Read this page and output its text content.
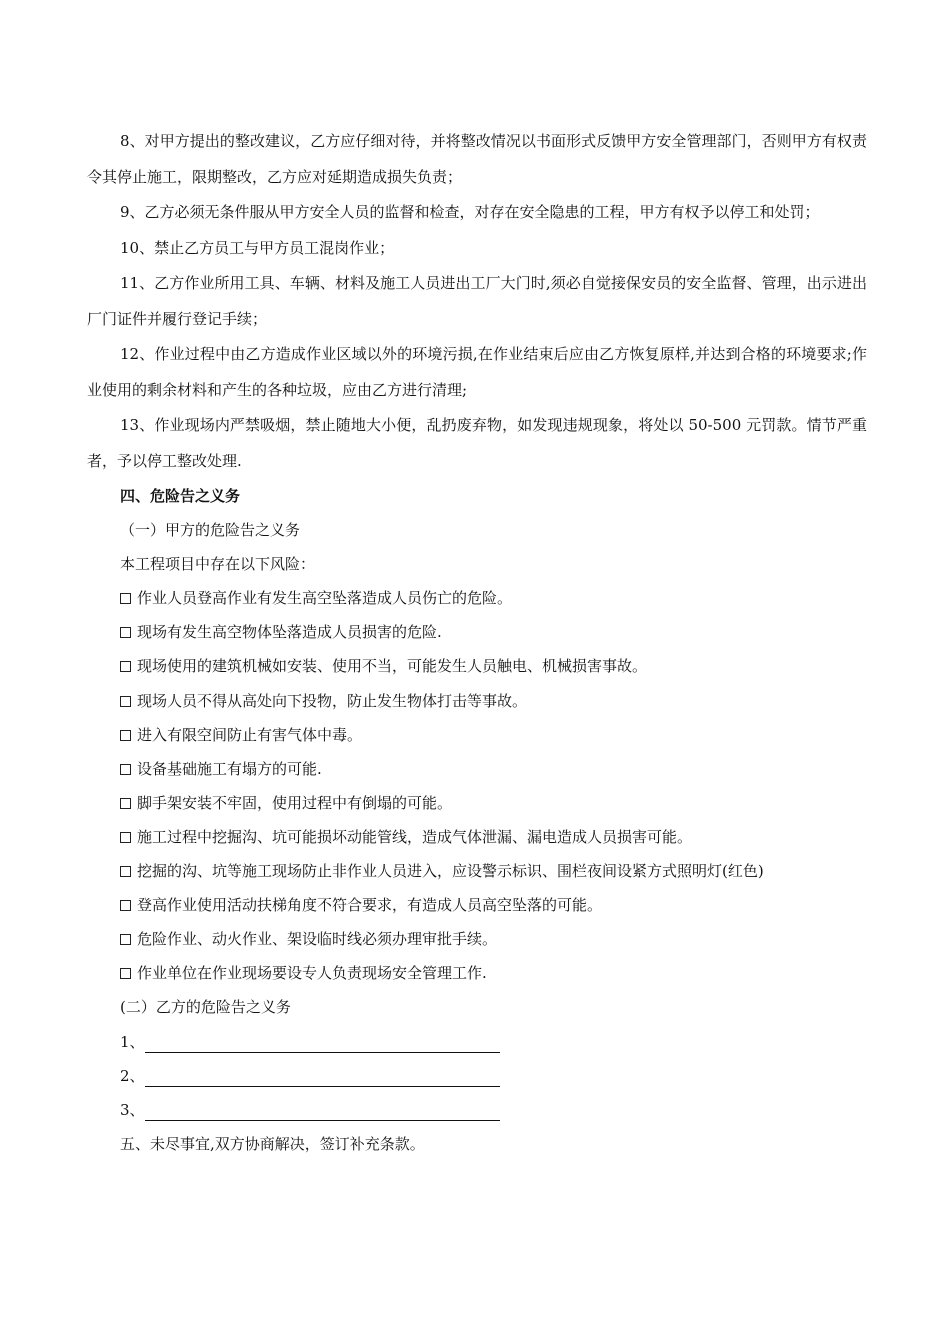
8、对甲方提出的整改建议，乙方应仔细对待，并将整改情况以书面形式反馈甲方安全管理部门，否则甲方有权责令其停止施工，限期整改，乙方应对延期造成损失负责；

9、乙方必须无条件服从甲方安全人员的监督和检查，对存在安全隐患的工程，甲方有权予以停工和处罚；

10、禁止乙方员工与甲方员工混岗作业；

11、乙方作业所用工具、车辆、材料及施工人员进出工厂大门时,须必自觉接保安员的安全监督、管理，出示进出厂门证件并履行登记手续；

12、作业过程中由乙方造成作业区域以外的环境污损,在作业结束后应由乙方恢复原样,并达到合格的环境要求;作业使用的剩余材料和产生的各种垃圾，应由乙方进行清理;

13、作业现场内严禁吸烟，禁止随地大小便，乱扔废弃物，如发现违规现象，将处以 50-500 元罚款。情节严重者，予以停工整改处理.

四、危险告之义务

（一）甲方的危险告之义务

本工程项目中存在以下风险：

作业人员登高作业有发生高空坠落造成人员伤亡的危险。

现场有发生高空物体坠落造成人员损害的危险.

现场使用的建筑机械如安装、使用不当，可能发生人员触电、机械损害事故。

现场人员不得从高处向下投物，防止发生物体打击等事故。

进入有限空间防止有害气体中毒。

设备基础施工有塌方的可能.

脚手架安装不牢固，使用过程中有倒塌的可能。

施工过程中挖掘沟、坑可能损坏动能管线，造成气体泄漏、漏电造成人员损害可能。

挖掘的沟、坑等施工现场防止非作业人员进入，应设警示标识、围栏夜间设紧方式照明灯(红色)

登高作业使用活动扶梯角度不符合要求，有造成人员高空坠落的可能。

危险作业、动火作业、架设临时线必须办理审批手续。

作业单位在作业现场要设专人负责现场安全管理工作.

(二）乙方的危险告之义务

1、

2、

3、

五、未尽事宜,双方协商解决，签订补充条款。
